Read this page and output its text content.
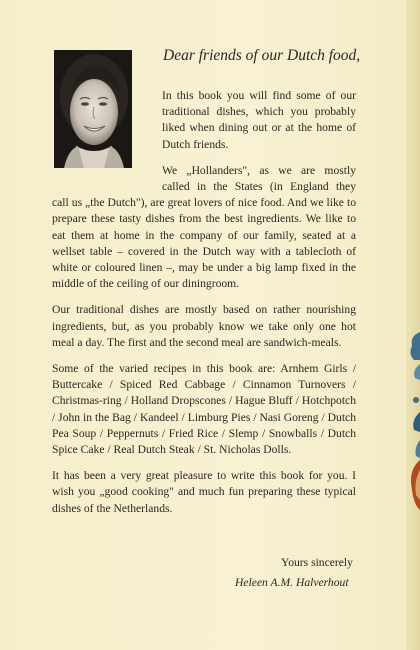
Dear friends of our Dutch food,

In this book you will find some of our traditional dishes, which you probably liked when dining out or at the home of Dutch friends.

We „Hollanders", as we are mostly
called in the States (in England they
call us „the Dutch"), are great lovers of nice food. And we like to prepare these tasty dishes from the best ingredients. We like to eat them at home in the company of our family, seated at a wellset table – covered in the Dutch way with a tablecloth of white or coloured linen –, may be under a big lamp fixed in the middle of the ceiling of our diningroom.

Our traditional dishes are mostly based on rather nourishing ingredients, but, as you probably know we take only one hot meal a day. The first and the second meal are sandwich-meals.

Some of the varied recipes in this book are: Arnhem Girls / Buttercake / Spiced Red Cabbage / Cinnamon Turnovers / Christmas-ring / Holland Dropscones / Hague Bluff / Hotchpotch / John in the Bag / Kandeel / Limburg Pies / Nasi Goreng / Dutch Pea Soup / Peppernuts / Fried Rice / Slemp / Snowballs / Dutch Spice Cake / Real Dutch Steak / St. Nicholas Dolls.

It has been a very great pleasure to write this book for you. I wish you „good cooking" and much fun preparing these typical dishes of the Netherlands.

Yours sincerely
Heleen A.M. Halverhout
